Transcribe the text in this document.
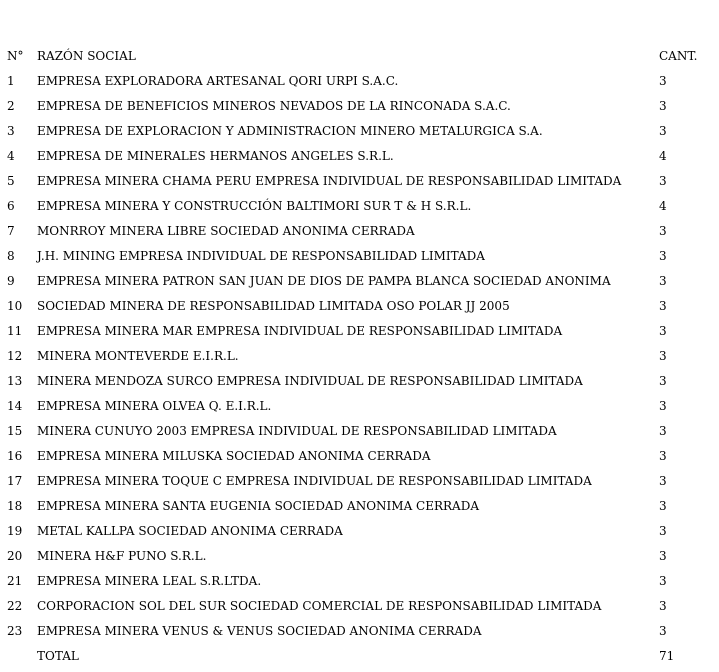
N°	RAZÓN SOCIAL	CANT.
1	EMPRESA EXPLORADORA ARTESANAL QORI URPI S.A.C.	3
2	EMPRESA DE BENEFICIOS MINEROS NEVADOS DE LA RINCONADA S.A.C.	3
3	EMPRESA DE EXPLORACION Y ADMINISTRACION MINERO METALURGICA S.A.	3
4	EMPRESA DE MINERALES HERMANOS ANGELES S.R.L.	4
5	EMPRESA MINERA CHAMA PERU EMPRESA INDIVIDUAL DE RESPONSABILIDAD LIMITADA	3
6	EMPRESA MINERA Y CONSTRUCCIÓN BALTIMORI SUR T & H S.R.L.	4
7	MONRROY MINERA LIBRE SOCIEDAD ANONIMA CERRADA	3
8	J.H. MINING EMPRESA INDIVIDUAL DE RESPONSABILIDAD LIMITADA	3
9	EMPRESA MINERA PATRON SAN JUAN DE DIOS DE PAMPA BLANCA SOCIEDAD ANONIMA	3
10	SOCIEDAD MINERA DE RESPONSABILIDAD LIMITADA OSO POLAR JJ 2005	3
11	EMPRESA MINERA MAR EMPRESA INDIVIDUAL DE RESPONSABILIDAD LIMITADA	3
12	MINERA MONTEVERDE E.I.R.L.	3
13	MINERA MENDOZA SURCO EMPRESA INDIVIDUAL DE RESPONSABILIDAD LIMITADA	3
14	EMPRESA MINERA OLVEA Q. E.I.R.L.	3
15	MINERA CUNUYO 2003 EMPRESA INDIVIDUAL DE RESPONSABILIDAD LIMITADA	3
16	EMPRESA MINERA MILUSKA SOCIEDAD ANONIMA CERRADA	3
17	EMPRESA MINERA TOQUE C EMPRESA INDIVIDUAL DE RESPONSABILIDAD LIMITADA	3
18	EMPRESA MINERA SANTA EUGENIA SOCIEDAD ANONIMA CERRADA	3
19	METAL KALLPA SOCIEDAD ANONIMA CERRADA	3
20	MINERA H&F PUNO S.R.L.	3
21	EMPRESA MINERA LEAL S.R.LTDA.	3
22	CORPORACION SOL DEL SUR SOCIEDAD COMERCIAL DE RESPONSABILIDAD LIMITADA	3
23	EMPRESA MINERA VENUS & VENUS SOCIEDAD ANONIMA CERRADA	3
	TOTAL	71
